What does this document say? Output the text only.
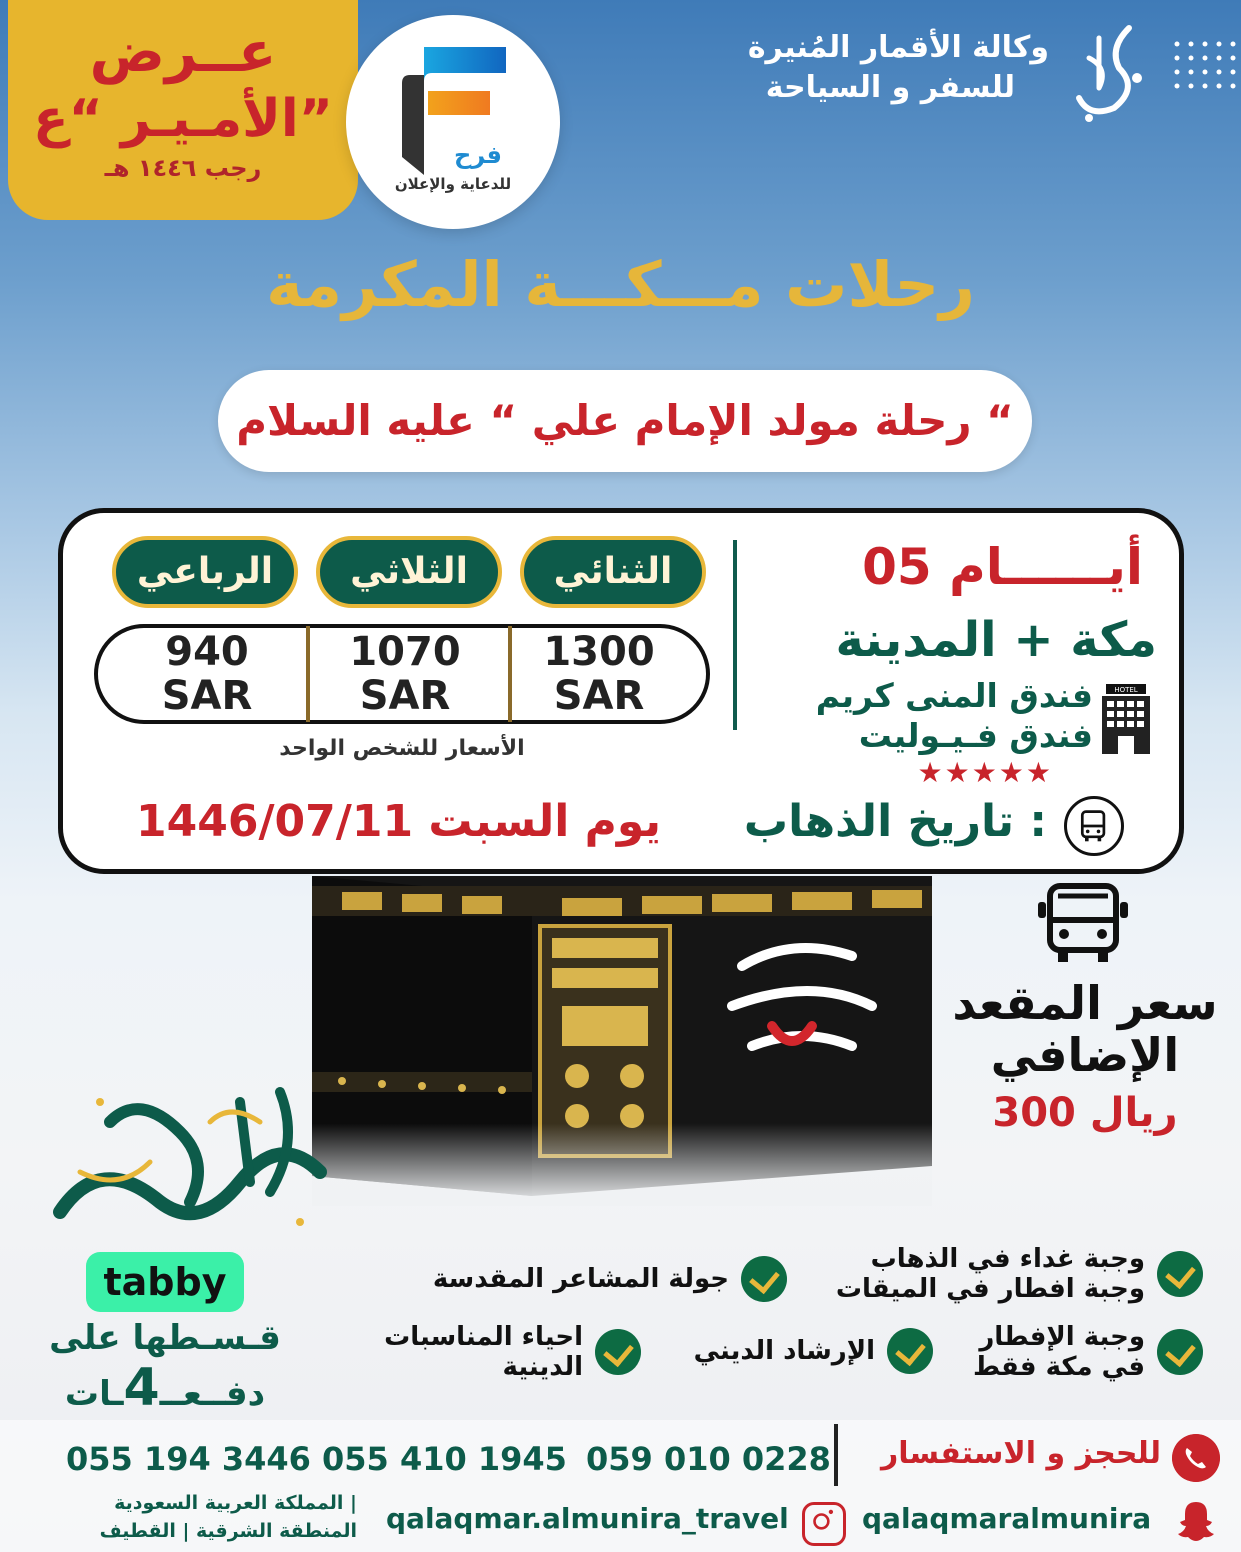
عــرض
الأمـيـر “ع”
رجب ١٤٤٦ هـ	فرح
للدعاية والإعلان
وكالة الأقمار المُنيرة
للسفر و السياحة
رحلات مـــكـــة المكرمة
رحلة مولد الإمام علي “ عليه السلام “
الثنائي
الثلاثي
الرباعي
1300
SAR
1070
SAR
940
SAR
الأسعار للشخص الواحد
05 أيــــــام
مكة + المدينة
HOTEL
فندق المنى كريم
فندق فـيـوليت
★★★★★
تاريخ الذهاب :
يوم السبت 1446/07/11
سعر المقعد
الإضافي
300 ريال
tabby
قـسـطها على
دفــعــ4ـات
وجبة غداء في الذهاب
وجبة افطار في الميقات
جولة المشاعر المقدسة
وجبة الإفطار
في مكة فقط
الإرشاد الديني
احياء المناسبات
الدينية
للحجز و الاستفسار
059 010 0228
055 410 1945
055 194 3446
qalaqmaralmunira
qalaqmar.almunira_travel
المملكة العربية السعودية |
المنطقة الشرقية | القطيف
